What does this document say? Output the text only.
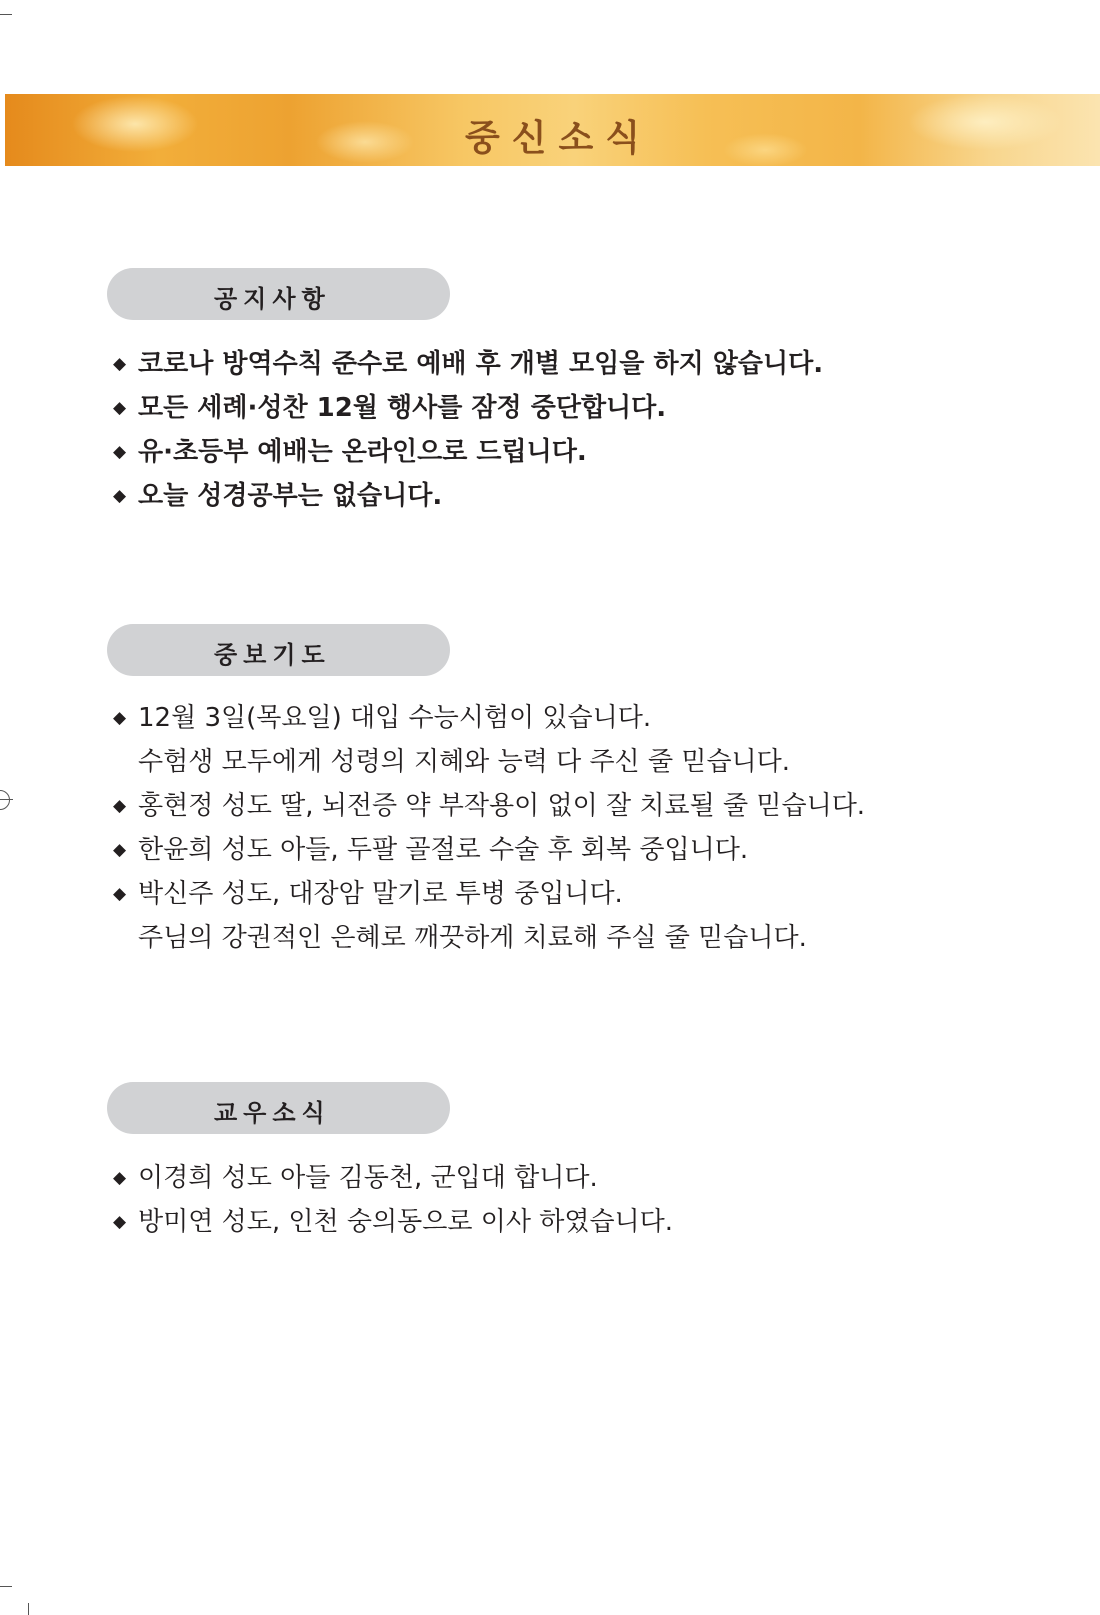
중신소식
공지사항
◆ 코로나 방역수칙 준수로 예배 후 개별 모임을 하지 않습니다.
◆ 모든 세례·성찬 12월 행사를 잠정 중단합니다.
◆ 유·초등부 예배는 온라인으로 드립니다.
◆ 오늘 성경공부는 없습니다.
중보기도
◆ 12월 3일(목요일) 대입 수능시험이 있습니다.
수험생 모두에게 성령의 지혜와 능력 다 주신 줄 믿습니다.
◆ 홍현정 성도 딸, 뇌전증 약 부작용이 없이 잘 치료될 줄 믿습니다.
◆ 한윤희 성도 아들, 두팔 골절로 수술 후 회복 중입니다.
◆ 박신주 성도, 대장암 말기로 투병 중입니다.
주님의 강권적인 은혜로 깨끗하게 치료해 주실 줄 믿습니다.
교우소식
◆ 이경희 성도 아들 김동천, 군입대 합니다.
◆ 방미연 성도, 인천 숭의동으로 이사 하였습니다.
